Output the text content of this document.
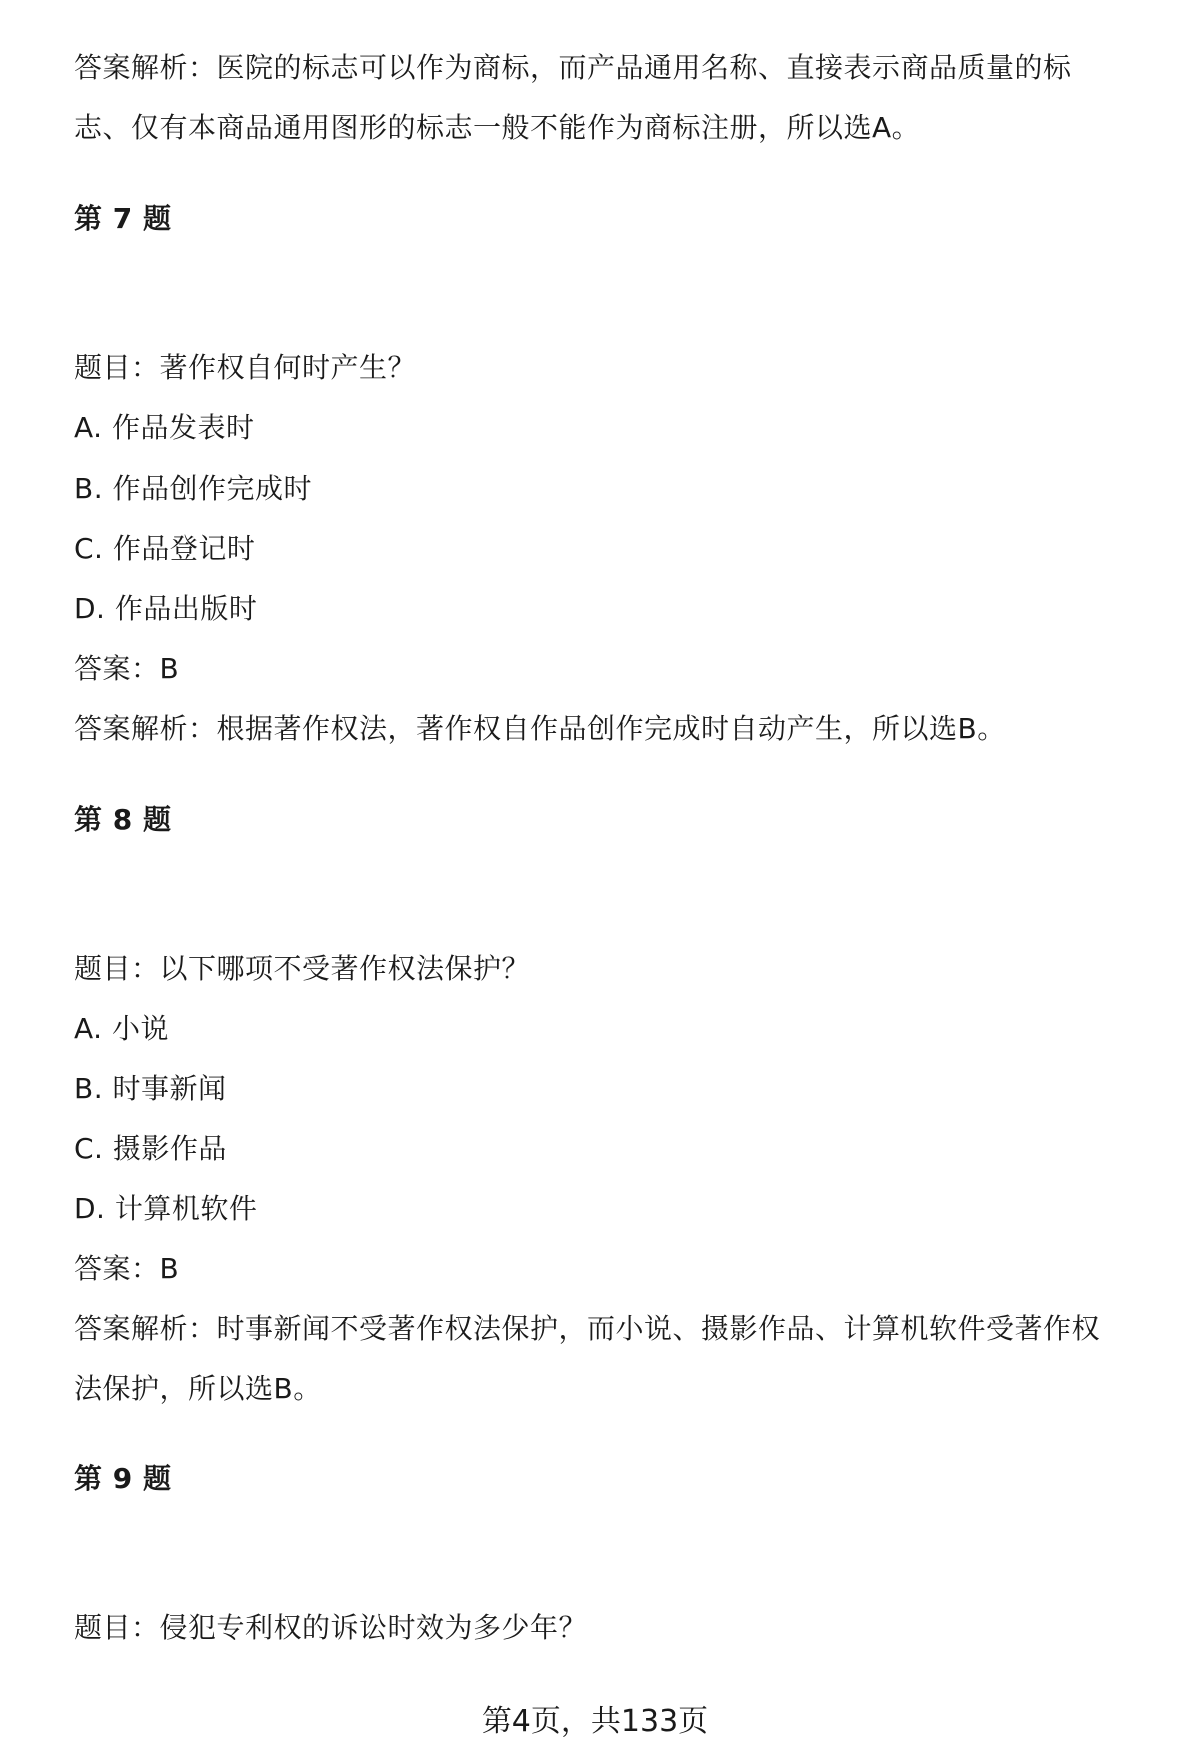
答案解析：医院的标志可以作为商标，而产品通用名称、直接表示商品质量的标
志、仅有本商品通用图形的标志一般不能作为商标注册，所以选A。
第 7 题
题目：著作权自何时产生？
A. 作品发表时
B. 作品创作完成时
C. 作品登记时
D. 作品出版时
答案：B
答案解析：根据著作权法，著作权自作品创作完成时自动产生，所以选B。
第 8 题
题目：以下哪项不受著作权法保护？
A. 小说
B. 时事新闻
C. 摄影作品
D. 计算机软件
答案：B
答案解析：时事新闻不受著作权法保护，而小说、摄影作品、计算机软件受著作权
法保护，所以选B。
第 9 题
题目：侵犯专利权的诉讼时效为多少年？
第4页，共133页
